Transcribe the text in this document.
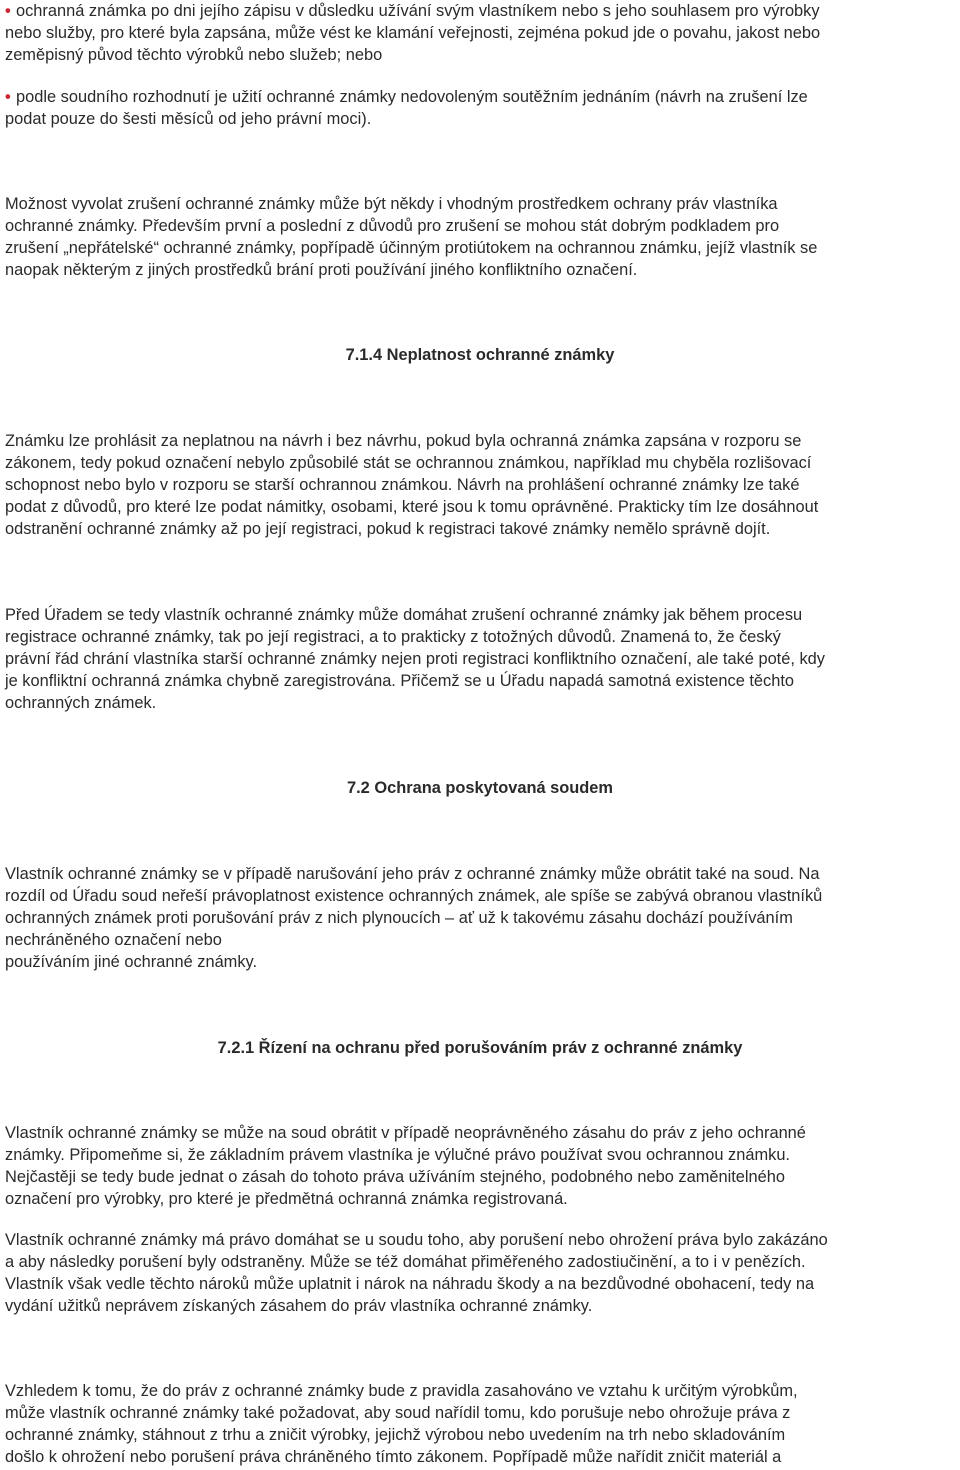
• ochranná známka po dni jejího zápisu v důsledku užívání svým vlastníkem nebo s jeho souhlasem pro výrobky
nebo služby, pro které byla zapsána, může vést ke klamání veřejnosti, zejména pokud jde o povahu, jakost nebo
zeměpisný původ těchto výrobků nebo služeb; nebo
• podle soudního rozhodnutí je užití ochranné známky nedovoleným soutěžním jednáním (návrh na zrušení lze
podat pouze do šesti měsíců od jeho právní moci).
Možnost vyvolat zrušení ochranné známky může být někdy i vhodným prostředkem ochrany práv vlastníka
ochranné známky. Především první a poslední z důvodů pro zrušení se mohou stát dobrým podkladem pro
zrušení „nepřátelské“ ochranné známky, popřípadě účinným protiútokem na ochrannou známku, jejíž vlastník se
naopak některým z jiných prostředků brání proti používání jiného konfliktního označení.
7.1.4 Neplatnost ochranné známky
Známku lze prohlásit za neplatnou na návrh i bez návrhu, pokud byla ochranná známka zapsána v rozporu se
zákonem, tedy pokud označení nebylo způsobilé stát se ochrannou známkou, například mu chyběla rozlišovací
schopnost nebo bylo v rozporu se starší ochrannou známkou. Návrh na prohlášení ochranné známky lze také
podat z důvodů, pro které lze podat námitky, osobami, které jsou k tomu oprávněné. Prakticky tím lze dosáhnout
odstranění ochranné známky až po její registraci, pokud k registraci takové známky nemělo správně dojít.
Před Úřadem se tedy vlastník ochranné známky může domáhat zrušení ochranné známky jak během procesu
registrace ochranné známky, tak po její registraci, a to prakticky z totožných důvodů. Znamená to, že český
právní řád chrání vlastníka starší ochranné známky nejen proti registraci konfliktního označení, ale také poté, kdy
je konfliktní ochranná známka chybně zaregistrována. Přičemž se u Úřadu napadá samotná existence těchto
ochranných známek.
7.2 Ochrana poskytovaná soudem
Vlastník ochranné známky se v případě narušování jeho práv z ochranné známky může obrátit také na soud. Na
rozdíl od Úřadu soud neřeší právoplatnost existence ochranných známek, ale spíše se zabývá obranou vlastníků
ochranných známek proti porušování práv z nich plynoucích – ať už k takovému zásahu dochází používáním
nechráněného označení nebo
používáním jiné ochranné známky.
7.2.1 Řízení na ochranu před porušováním práv z ochranné známky
Vlastník ochranné známky se může na soud obrátit v případě neoprávněného zásahu do práv z jeho ochranné
známky. Připomeňme si, že základním právem vlastníka je výlučné právo používat svou ochrannou známku.
Nejčastěji se tedy bude jednat o zásah do tohoto práva užíváním stejného, podobného nebo zaměnitelného
označení pro výrobky, pro které je předmětná ochranná známka registrovaná.
Vlastník ochranné známky má právo domáhat se u soudu toho, aby porušení nebo ohrožení práva bylo zakázáno
a aby následky porušení byly odstraněny. Může se též domáhat přiměřeného zadostiučinění, a to i v penězích.
Vlastník však vedle těchto nároků může uplatnit i nárok na náhradu škody a na bezdůvodné obohacení, tedy na
vydání užitků neprávem získaných zásahem do práv vlastníka ochranné známky.
Vzhledem k tomu, že do práv z ochranné známky bude z pravidla zasahováno ve vztahu k určitým výrobkům,
může vlastník ochranné známky také požadovat, aby soud nařídil tomu, kdo porušuje nebo ohrožuje práva z
ochranné známky, stáhnout z trhu a zničit výrobky, jejichž výrobou nebo uvedením na trh nebo skladováním
došlo k ohrožení nebo porušení práva chráněného tímto zákonem. Popřípadě může nařídit zničit materiál a
